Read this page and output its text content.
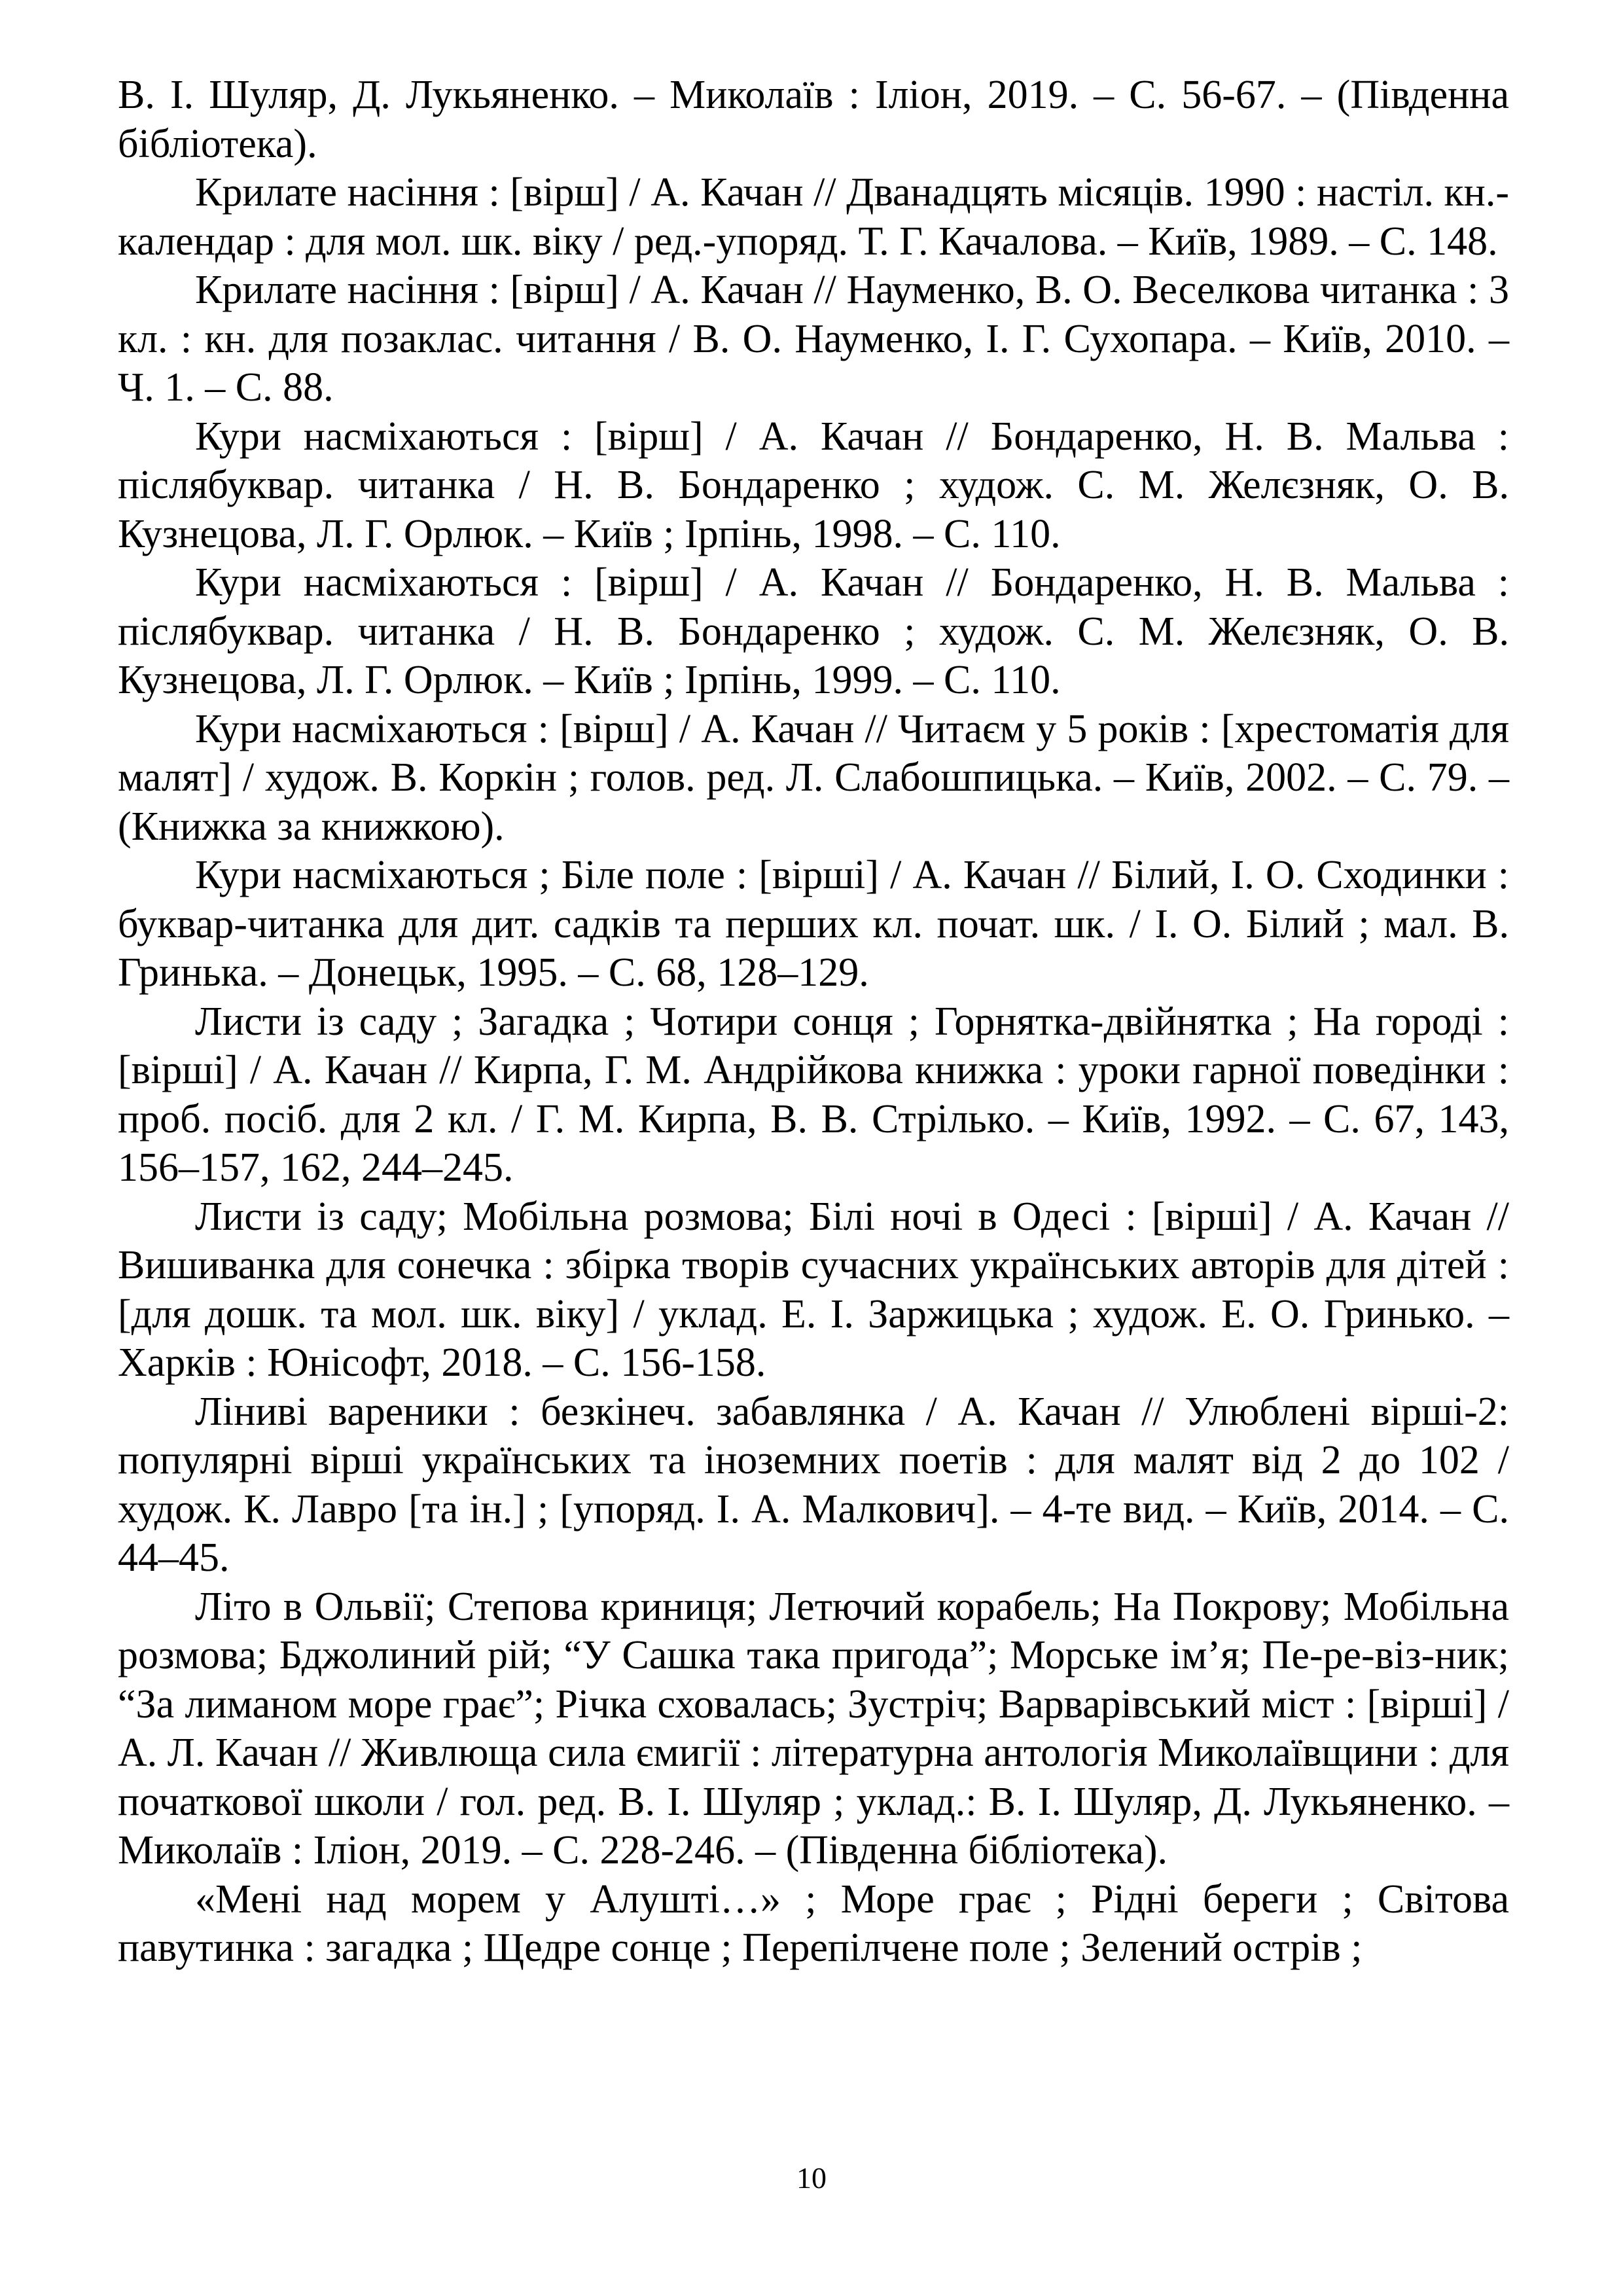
В. І. Шуляр, Д. Лукьяненко. – Миколаїв : Іліон, 2019. – С. 56-67. – (Південна бібліотека).

Крилате насіння : [вірш] / А. Качан // Дванадцять місяців. 1990 : настіл. кн.-календар : для мол. шк. віку / ред.-упоряд. Т. Г. Качалова. – Київ, 1989. – С. 148.

Крилате насіння : [вірш] / А. Качан // Науменко, В. О. Веселкова читанка : 3 кл. : кн. для позаклас. читання / В. О. Науменко, І. Г. Сухопара. – Київ, 2010. – Ч. 1. – С. 88.

Кури насміхаються : [вірш] / А. Качан // Бондаренко, Н. В. Мальва : післябуквар. читанка / Н. В. Бондаренко ; худож. С. М. Желєзняк, О. В. Кузнецова, Л. Г. Орлюк. – Київ ; Ірпінь, 1998. – С. 110.

Кури насміхаються : [вірш] / А. Качан // Бондаренко, Н. В. Мальва : післябуквар. читанка / Н. В. Бондаренко ; худож. С. М. Желєзняк, О. В. Кузнецова, Л. Г. Орлюк. – Київ ; Ірпінь, 1999. – С. 110.

Кури насміхаються : [вірш] / А. Качан // Читаєм у 5 років : [хрестоматія для малят] / худож. В. Коркін ; голов. ред. Л. Слабошпицька. – Київ, 2002. – С. 79. – (Книжка за книжкою).

Кури насміхаються ; Біле поле : [вірші] / А. Качан // Білий, І. О. Сходинки : буквар-читанка для дит. садків та перших кл. почат. шк. / І. О. Білий ; мал. В. Гринька. – Донецьк, 1995. – С. 68, 128–129.

Листи із саду ; Загадка ; Чотири сонця ; Горнятка-двійнятка ; На городі : [вірші] / А. Качан // Кирпа, Г. М. Андрійкова книжка : уроки гарної поведінки : проб. посіб. для 2 кл. / Г. М. Кирпа, В. В. Стрілько. – Київ, 1992. – С. 67, 143, 156–157, 162, 244–245.

Листи із саду; Мобільна розмова; Білі ночі в Одесі : [вірші] / А. Качан // Вишиванка для сонечка : збірка творів сучасних українських авторів для дітей : [для дошк. та мол. шк. віку] / уклад. Е. І. Заржицька ; худож. Е. О. Гринько. – Харків : Юнісофт, 2018. – С. 156-158.

Ліниві вареники : безкінеч. забавлянка / А. Качан // Улюблені вірші-2: популярні вірші українських та іноземних поетів : для малят від 2 до 102 / худож. К. Лавро [та ін.] ; [упоряд. І. А. Малкович]. – 4-те вид. – Київ, 2014. – С. 44–45.

Літо в Ольвії; Степова криниця; Летючий корабель; На Покрову; Мобільна розмова; Бджолиний рій; “У Сашка така пригода”; Морське ім’я; Пе-ре-віз-ник; “За лиманом море грає”; Річка сховалась; Зустріч; Варварівський міст : [вірші] / А. Л. Качан // Живлюща сила ємигії : літературна антологія Миколаївщини : для початкової школи / гол. ред. В. І. Шуляр ; уклад.: В. І. Шуляр, Д. Лукьяненко. – Миколаїв : Іліон, 2019. – С. 228-246. – (Південна бібліотека).

«Мені над морем у Алушті…» ; Море грає ; Рідні береги ; Світова павутинка : загадка ; Щедре сонце ; Перепілчене поле ; Зелений острів ;

10
